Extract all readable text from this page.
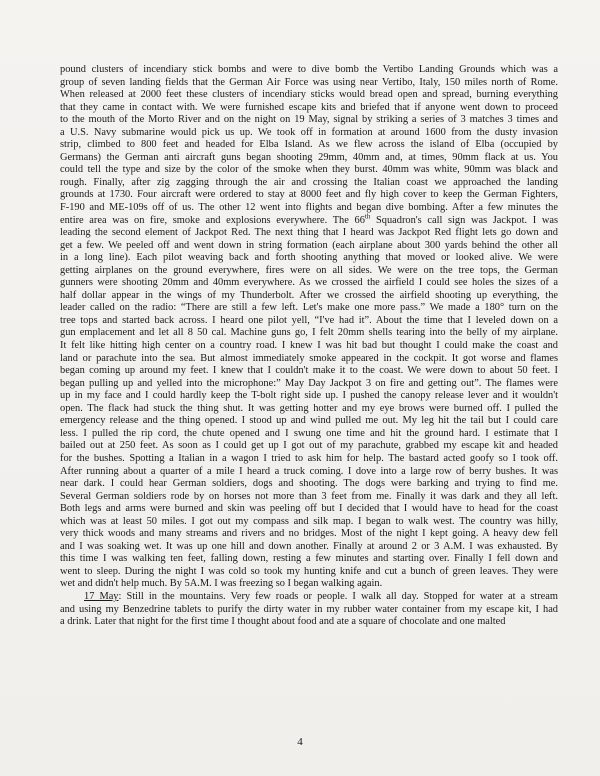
pound clusters of incendiary stick bombs and were to dive bomb the Vertibo Landing Grounds which was a
group of seven landing fields that the German Air Force was using near Vertibo, Italy, 150 miles north of Rome.
When released at 2000 feet these clusters of incendiary sticks would bread open and spread, burning everything
that they came in contact with. We were furnished escape kits and briefed that if anyone went down to proceed
to the mouth of the Morto River and on the night on 19 May, signal by striking a series of 3 matches 3 times and
a U.S. Navy submarine would pick us up. We took off in formation at around 1600 from the dusty invasion
strip, climbed to 800 feet and headed for Elba Island. As we flew across the island of Elba (occupied by
Germans) the German anti aircraft guns began shooting 29mm, 40mm and, at times, 90mm flack at us. You
could tell the type and size by the color of the smoke when they burst. 40mm was white, 90mm was black and
rough. Finally, after zig zagging through the air and crossing the Italian coast we approached the landing
grounds at 1730. Four aircraft were ordered to stay at 8000 feet and fly high cover to keep the German Fighters,
F-190 and ME-109s off of us. The other 12 went into flights and began dive bombing. After a few minutes the
entire area was on fire, smoke and explosions everywhere. The 66th Squadron's call sign was Jackpot. I was
leading the second element of Jackpot Red. The next thing that I heard was Jackpot Red flight lets go down and
get a few. We peeled off and went down in string formation (each airplane about 300 yards behind the other all
in a long line). Each pilot weaving back and forth shooting anything that moved or looked alive. We were
getting airplanes on the ground everywhere, fires were on all sides. We were on the tree tops, the German
gunners were shooting 20mm and 40mm everywhere. As we crossed the airfield I could see holes the sizes of a
half dollar appear in the wings of my Thunderbolt. After we crossed the airfield shooting up everything, the
leader called on the radio: “There are still a few left. Let's make one more pass.” We made a 180° turn on the
tree tops and started back across. I heard one pilot yell, “I've had it”. About the time that I leveled down on a
gun emplacement and let all 8 50 cal. Machine guns go, I felt 20mm shells tearing into the belly of my airplane.
It felt like hitting high center on a country road. I knew I was hit bad but thought I could make the coast and
land or parachute into the sea. But almost immediately smoke appeared in the cockpit. It got worse and flames
began coming up around my feet. I knew that I couldn't make it to the coast. We were down to about 50 feet. I
began pulling up and yelled into the microphone:” May Day Jackpot 3 on fire and getting out”. The flames were
up in my face and I could hardly keep the T-bolt right side up. I pushed the canopy release lever and it wouldn't
open. The flack had stuck the thing shut. It was getting hotter and my eye brows were burned off. I pulled the
emergency release and the thing opened. I stood up and wind pulled me out. My leg hit the tail but I could care
less. I pulled the rip cord, the chute opened and I swung one time and hit the ground hard. I estimate that I
bailed out at 250 feet. As soon as I could get up I got out of my parachute, grabbed my escape kit and headed
for the bushes. Spotting a Italian in a wagon I tried to ask him for help. The bastard acted goofy so I took off.
After running about a quarter of a mile I heard a truck coming. I dove into a large row of berry bushes. It was
near dark. I could hear German soldiers, dogs and shooting. The dogs were barking and trying to find me.
Several German soldiers rode by on horses not more than 3 feet from me. Finally it was dark and they all left.
Both legs and arms were burned and skin was peeling off but I decided that I would have to head for the coast
which was at least 50 miles. I got out my compass and silk map. I began to walk west. The country was hilly,
very thick woods and many streams and rivers and no bridges. Most of the night I kept going. A heavy dew fell
and I was soaking wet. It was up one hill and down another. Finally at around 2 or 3 A.M. I was exhausted. By
this time I was walking ten feet, falling down, resting a few minutes and starting over. Finally I fell down and
went to sleep. During the night I was cold so took my hunting knife and cut a bunch of green leaves. They were
wet and didn't help much. By 5A.M. I was freezing so I began walking again.
17 May: Still in the mountains. Very few roads or people. I walk all day. Stopped for water at a stream
and using my Benzedrine tablets to purify the dirty water in my rubber water container from my escape kit, I had
a drink. Later that night for the first time I thought about food and ate a square of chocolate and one malted
4
